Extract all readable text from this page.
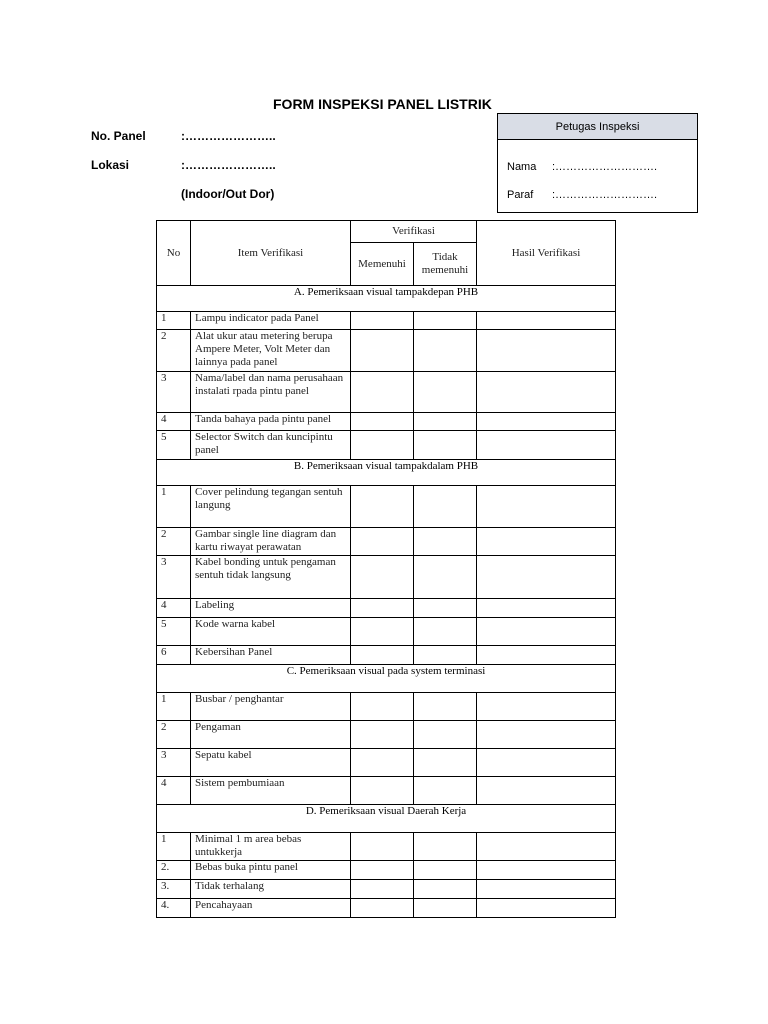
FORM INSPEKSI PANEL LISTRIK
No. Panel	:…………………..
Lokasi	:…………………..
(Indoor/Out Dor)
Petugas Inspeksi
Nama :……………………….
Paraf :……………………….
No	Item Verifikasi	Verifikasi		Hasil Verifikasi
		Memenuhi	Tidak memenuhi	
A. Pemeriksaan visual tampakdepan PHB				
1	Lampu indicator pada Panel			
2	Alat ukur atau metering berupa Ampere Meter, Volt Meter dan lainnya pada panel			
3	Nama/label dan nama perusahaan instalati rpada pintu panel			
4	Tanda bahaya pada pintu panel			
5	Selector Switch dan kuncipintu panel			
B. Pemeriksaan visual tampakdalam PHB				
1	Cover pelindung tegangan sentuh langung			
2	Gambar single line diagram dan kartu riwayat perawatan			
3	Kabel bonding untuk pengaman sentuh tidak langsung			
4	Labeling			
5	Kode warna kabel			
6	Kebersihan Panel			
C. Pemeriksaan visual pada system terminasi				
1	Busbar / penghantar			
2	Pengaman			
3	Sepatu kabel			
4	Sistem pembumiaan			
D. Pemeriksaan visual Daerah Kerja				
1	Minimal 1 m area bebas untukkerja			
2.	Bebas buka pintu panel			
3.	Tidak terhalang			
4.	Pencahayaan			
